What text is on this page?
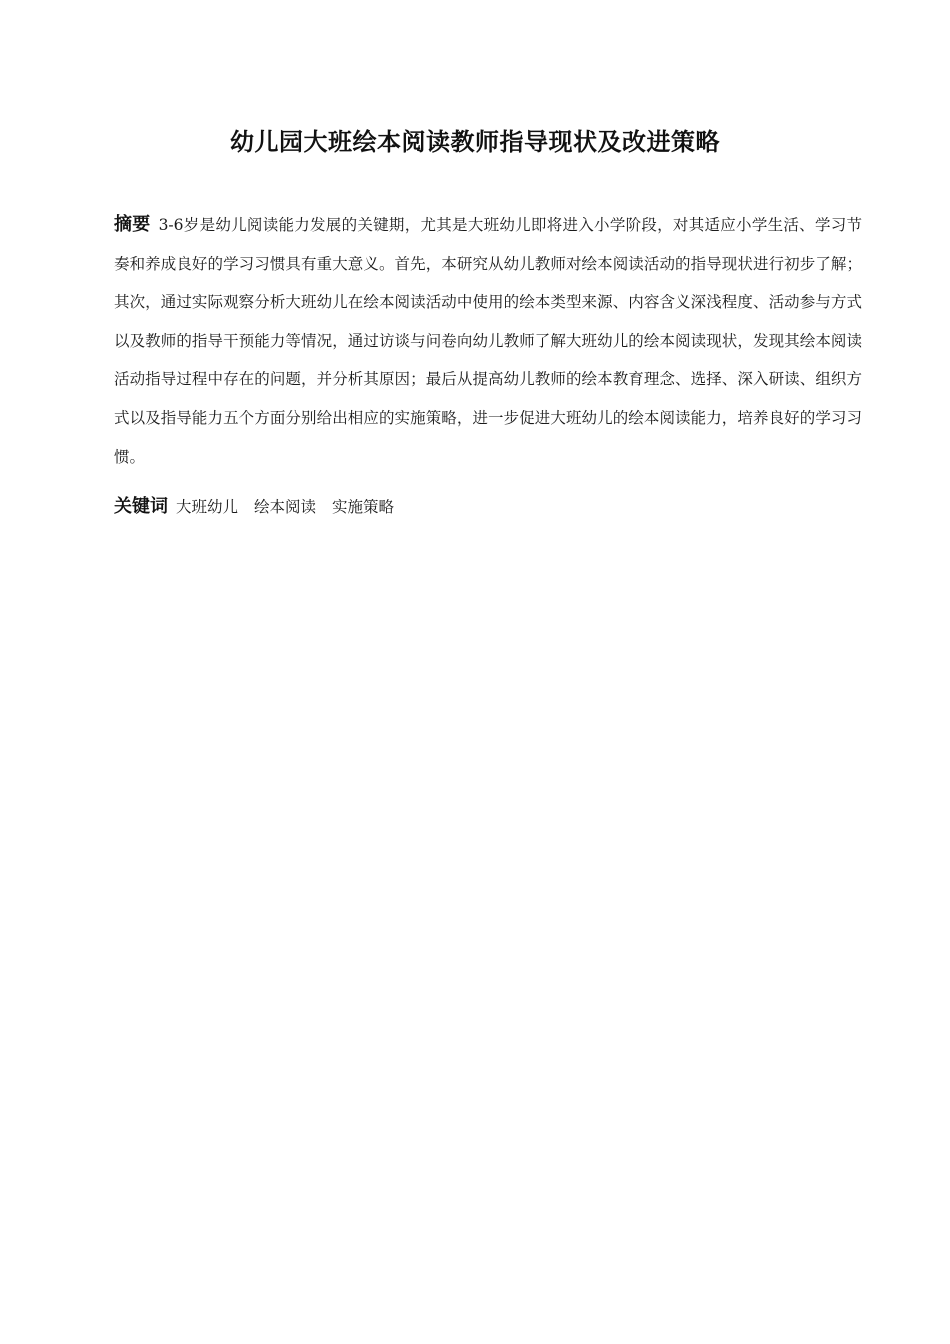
幼儿园大班绘本阅读教师指导现状及改进策略

摘要 3-6岁是幼儿阅读能力发展的关键期，尤其是大班幼儿即将进入小学阶段，对其适应小学生活、学习节奏和养成良好的学习习惯具有重大意义。首先，本研究从幼儿教师对绘本阅读活动的指导现状进行初步了解；其次，通过实际观察分析大班幼儿在绘本阅读活动中使用的绘本类型来源、内容含义深浅程度、活动参与方式以及教师的指导干预能力等情况，通过访谈与问卷向幼儿教师了解大班幼儿的绘本阅读现状，发现其绘本阅读活动指导过程中存在的问题，并分析其原因；最后从提高幼儿教师的绘本教育理念、选择、深入研读、组织方式以及指导能力五个方面分别给出相应的实施策略，进一步促进大班幼儿的绘本阅读能力，培养良好的学习习惯。

关键词 大班幼儿 绘本阅读 实施策略
